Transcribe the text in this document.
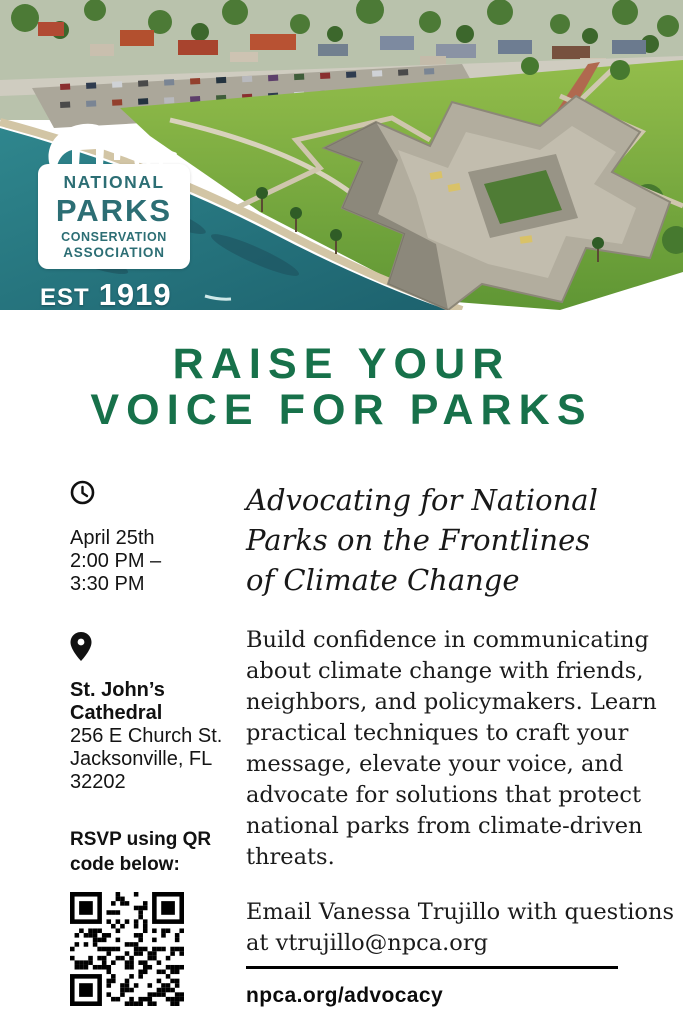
NATIONAL
PARKS
CONSERVATION
ASSOCIATION
EST 1919
RAISE YOUR
VOICE FOR PARKS
April 25th
2:00 PM –
3:30 PM
St. John’s
Cathedral
256 E Church St.
Jacksonville, FL
32202
RSVP using QR
code below:
Advocating for National
Parks on the Frontlines
of Climate Change
Build confidence in communicating
about climate change with friends,
neighbors, and policymakers. Learn
practical techniques to craft your
message, elevate your voice, and
advocate for solutions that protect
national parks from climate-driven
threats.
Email Vanessa Trujillo with questions
at vtrujillo@npca.org
npca.org/advocacy
